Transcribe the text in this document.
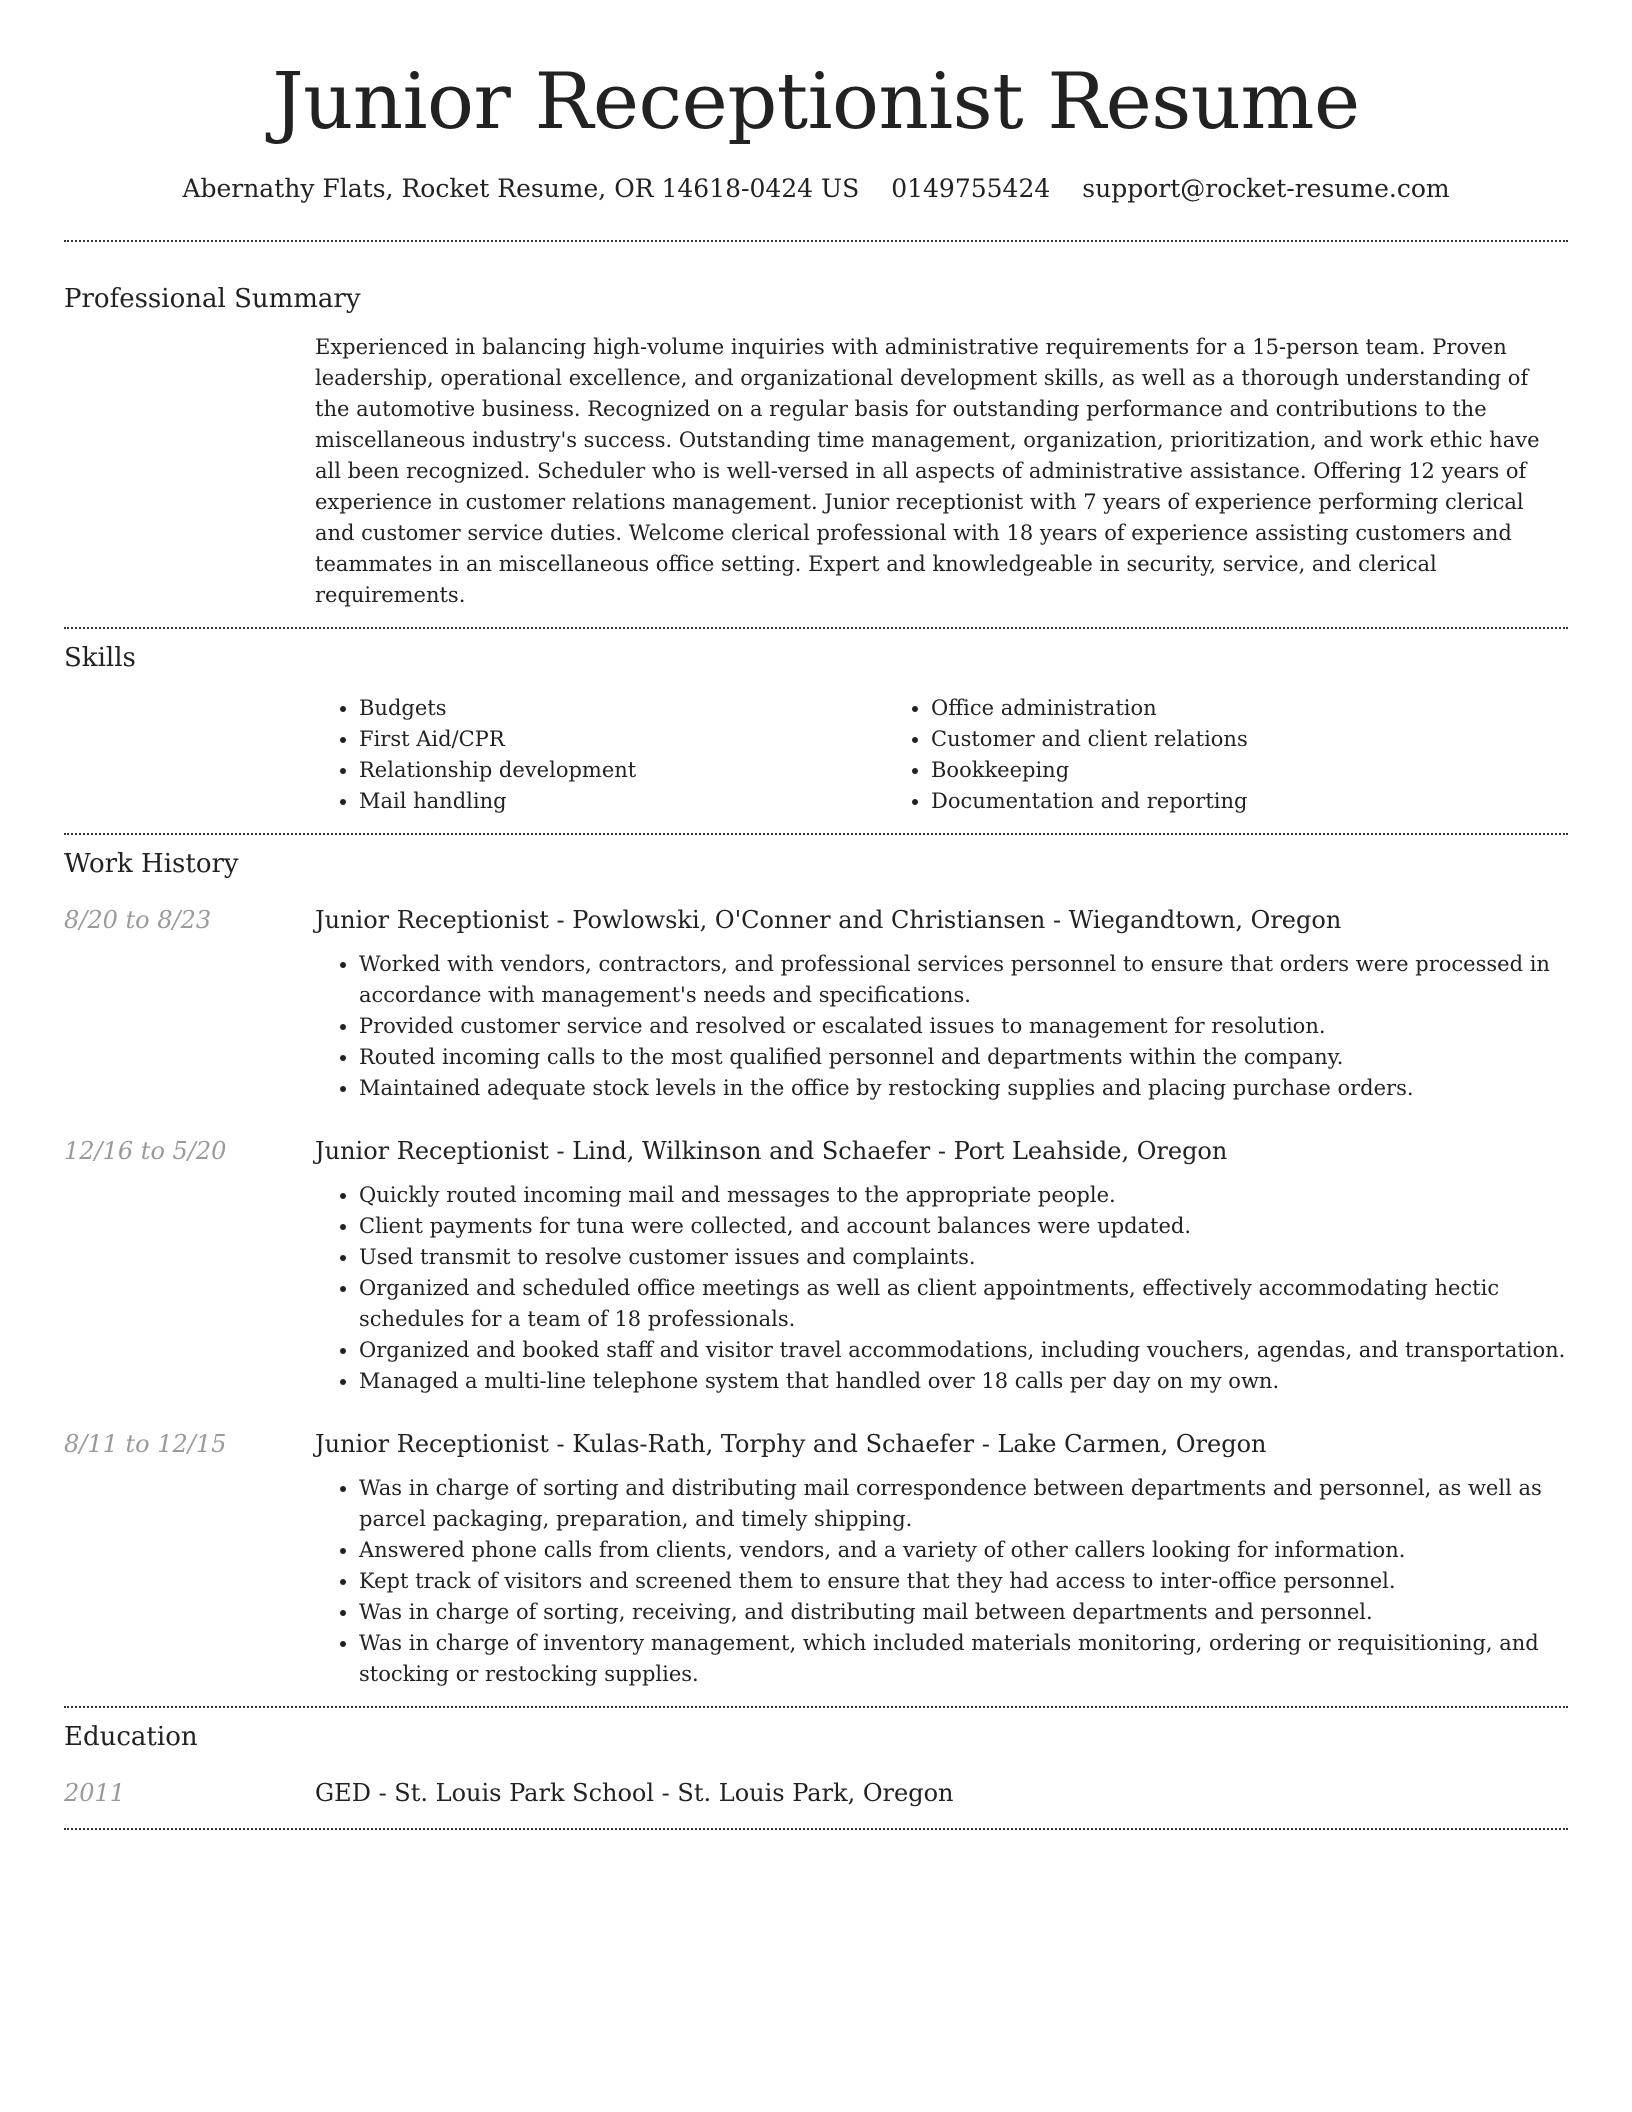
Junior Receptionist Resume
Abernathy Flats, Rocket Resume, OR 14618-0424 US 0149755424 support@rocket-resume.com
Professional Summary
Experienced in balancing high-volume inquiries with administrative requirements for a 15-person team. Proven leadership, operational excellence, and organizational development skills, as well as a thorough understanding of the automotive business. Recognized on a regular basis for outstanding performance and contributions to the miscellaneous industry's success. Outstanding time management, organization, prioritization, and work ethic have all been recognized. Scheduler who is well-versed in all aspects of administrative assistance. Offering 12 years of experience in customer relations management. Junior receptionist with 7 years of experience performing clerical and customer service duties. Welcome clerical professional with 18 years of experience assisting customers and teammates in an miscellaneous office setting. Expert and knowledgeable in security, service, and clerical requirements.
Skills
• Budgets
• First Aid/CPR
• Relationship development
• Mail handling
• Office administration
• Customer and client relations
• Bookkeeping
• Documentation and reporting
Work History
8/20 to 8/23	Junior Receptionist - Powlowski, O'Conner and Christiansen - Wiegandtown, Oregon
• Worked with vendors, contractors, and professional services personnel to ensure that orders were processed in accordance with management's needs and specifications.
• Provided customer service and resolved or escalated issues to management for resolution.
• Routed incoming calls to the most qualified personnel and departments within the company.
• Maintained adequate stock levels in the office by restocking supplies and placing purchase orders.
12/16 to 5/20	Junior Receptionist - Lind, Wilkinson and Schaefer - Port Leahside, Oregon
• Quickly routed incoming mail and messages to the appropriate people.
• Client payments for tuna were collected, and account balances were updated.
• Used transmit to resolve customer issues and complaints.
• Organized and scheduled office meetings as well as client appointments, effectively accommodating hectic schedules for a team of 18 professionals.
• Organized and booked staff and visitor travel accommodations, including vouchers, agendas, and transportation.
• Managed a multi-line telephone system that handled over 18 calls per day on my own.
8/11 to 12/15	Junior Receptionist - Kulas-Rath, Torphy and Schaefer - Lake Carmen, Oregon
• Was in charge of sorting and distributing mail correspondence between departments and personnel, as well as parcel packaging, preparation, and timely shipping.
• Answered phone calls from clients, vendors, and a variety of other callers looking for information.
• Kept track of visitors and screened them to ensure that they had access to inter-office personnel.
• Was in charge of sorting, receiving, and distributing mail between departments and personnel.
• Was in charge of inventory management, which included materials monitoring, ordering or requisitioning, and stocking or restocking supplies.
Education
2011	GED - St. Louis Park School - St. Louis Park, Oregon
